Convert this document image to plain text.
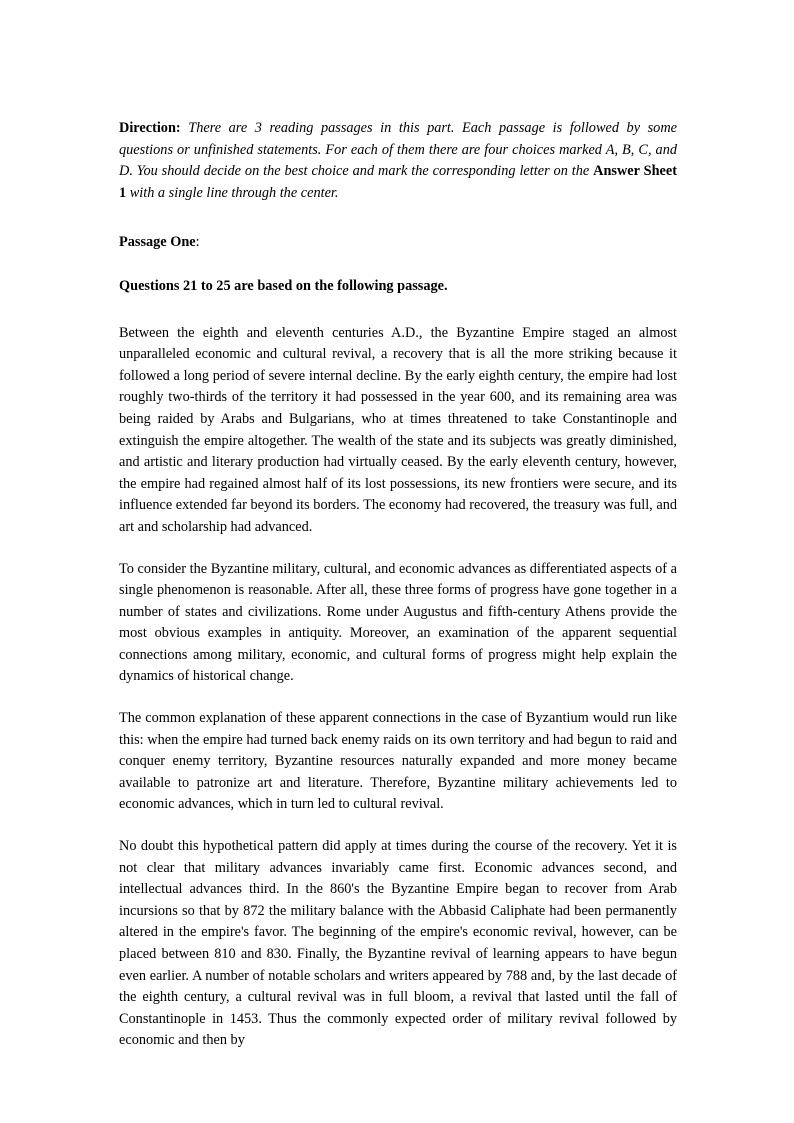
Direction: There are 3 reading passages in this part. Each passage is followed by some questions or unfinished statements. For each of them there are four choices marked A, B, C, and D. You should decide on the best choice and mark the corresponding letter on the Answer Sheet 1 with a single line through the center.

Passage One:

Questions 21 to 25 are based on the following passage.

Between the eighth and eleventh centuries A.D., the Byzantine Empire staged an almost unparalleled economic and cultural revival, a recovery that is all the more striking because it followed a long period of severe internal decline. By the early eighth century, the empire had lost roughly two-thirds of the territory it had possessed in the year 600, and its remaining area was being raided by Arabs and Bulgarians, who at times threatened to take Constantinople and extinguish the empire altogether. The wealth of the state and its subjects was greatly diminished, and artistic and literary production had virtually ceased. By the early eleventh century, however, the empire had regained almost half of its lost possessions, its new frontiers were secure, and its influence extended far beyond its borders. The economy had recovered, the treasury was full, and art and scholarship had advanced.

To consider the Byzantine military, cultural, and economic advances as differentiated aspects of a single phenomenon is reasonable. After all, these three forms of progress have gone together in a number of states and civilizations. Rome under Augustus and fifth-century Athens provide the most obvious examples in antiquity. Moreover, an examination of the apparent sequential connections among military, economic, and cultural forms of progress might help explain the dynamics of historical change.

The common explanation of these apparent connections in the case of Byzantium would run like this: when the empire had turned back enemy raids on its own territory and had begun to raid and conquer enemy territory, Byzantine resources naturally expanded and more money became available to patronize art and literature. Therefore, Byzantine military achievements led to economic advances, which in turn led to cultural revival.

No doubt this hypothetical pattern did apply at times during the course of the recovery. Yet it is not clear that military advances invariably came first. Economic advances second, and intellectual advances third. In the 860's the Byzantine Empire began to recover from Arab incursions so that by 872 the military balance with the Abbasid Caliphate had been permanently altered in the empire's favor. The beginning of the empire's economic revival, however, can be placed between 810 and 830. Finally, the Byzantine revival of learning appears to have begun even earlier. A number of notable scholars and writers appeared by 788 and, by the last decade of the eighth century, a cultural revival was in full bloom, a revival that lasted until the fall of Constantinople in 1453. Thus the commonly expected order of military revival followed by economic and then by
